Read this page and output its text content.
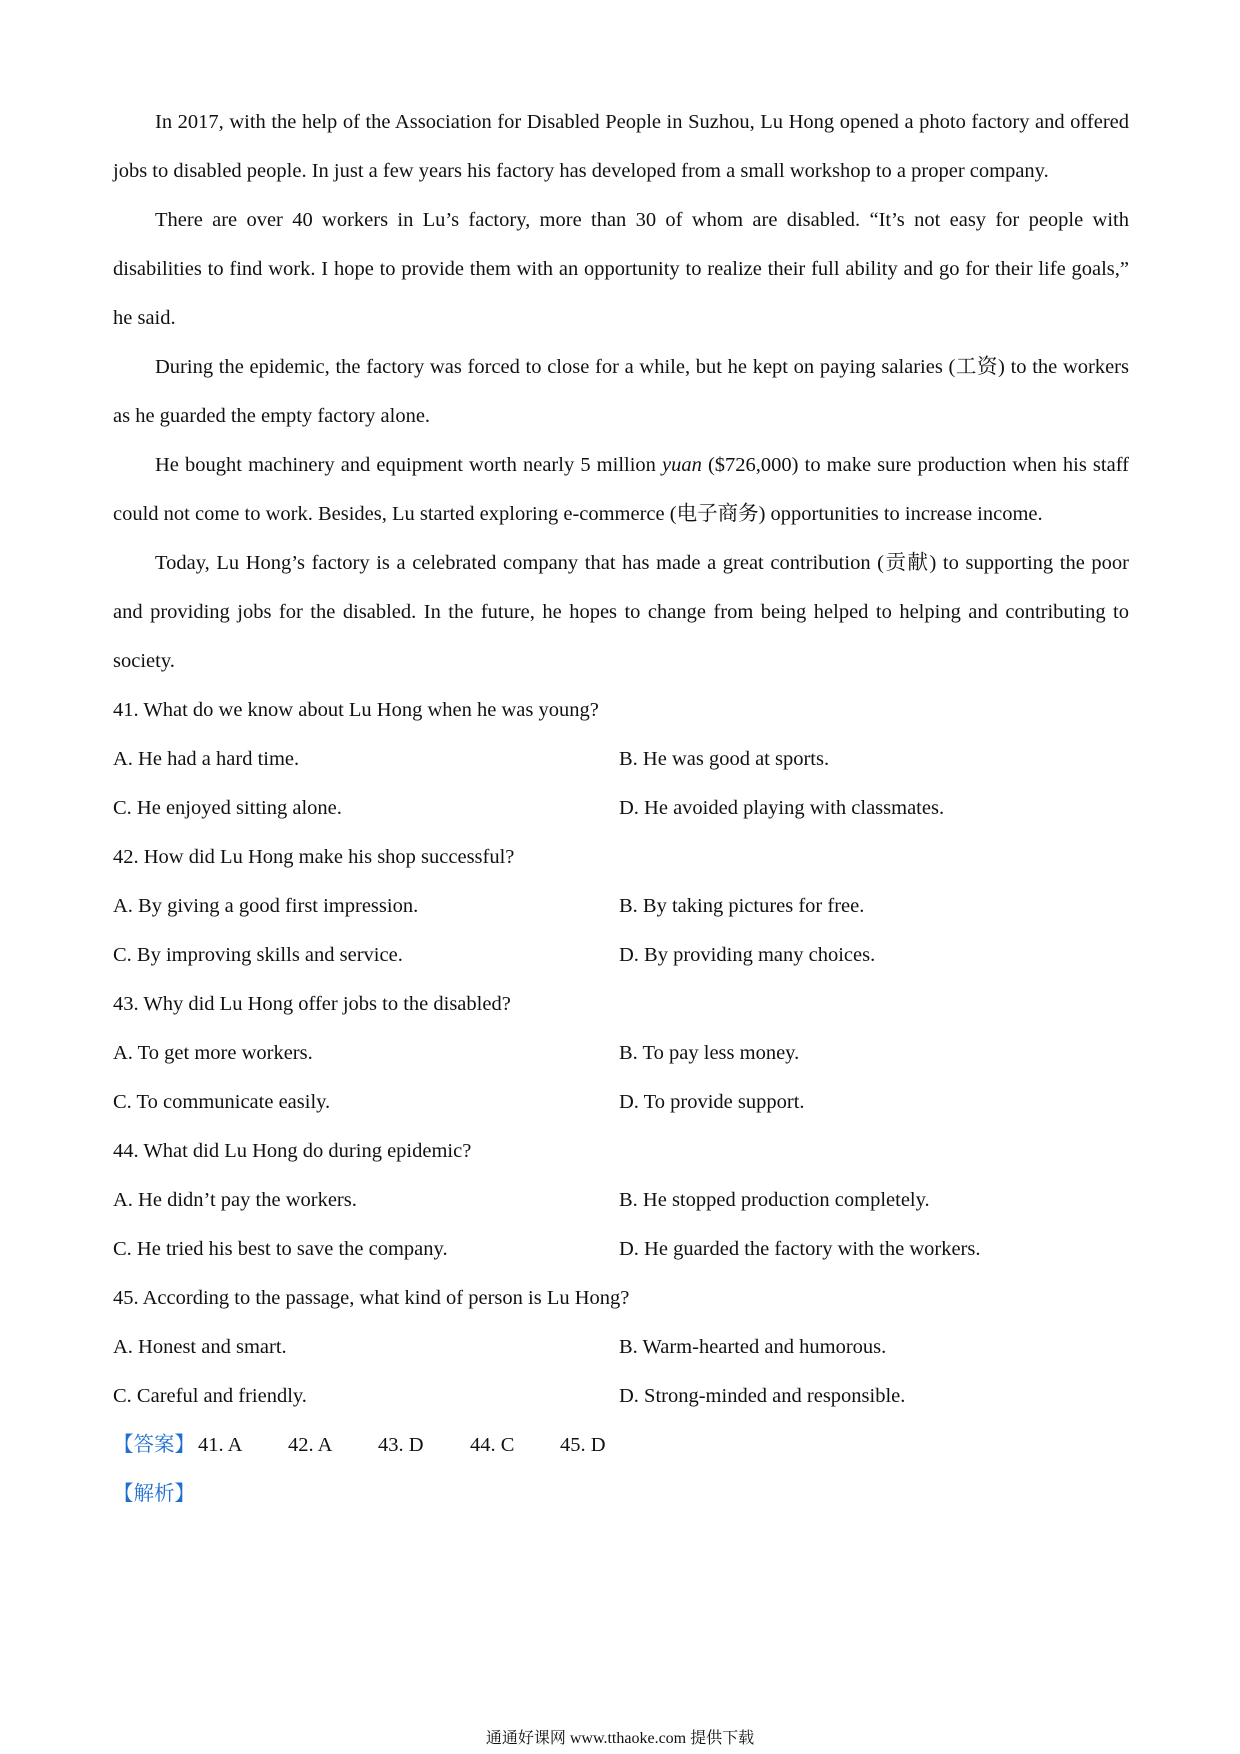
In 2017, with the help of the Association for Disabled People in Suzhou, Lu Hong opened a photo factory and offered jobs to disabled people. In just a few years his factory has developed from a small workshop to a proper company.

There are over 40 workers in Lu’s factory, more than 30 of whom are disabled. “It’s not easy for people with disabilities to find work. I hope to provide them with an opportunity to realize their full ability and go for their life goals,” he said.

During the epidemic, the factory was forced to close for a while, but he kept on paying salaries (工资) to the workers as he guarded the empty factory alone.

He bought machinery and equipment worth nearly 5 million yuan ($726,000) to make sure production when his staff could not come to work. Besides, Lu started exploring e-commerce (电子商务) opportunities to increase income.

Today, Lu Hong’s factory is a celebrated company that has made a great contribution (贡献) to supporting the poor and providing jobs for the disabled. In the future, he hopes to change from being helped to helping and contributing to society.

41. What do we know about Lu Hong when he was young?

A. He had a hard time.	B. He was good at sports.
C. He enjoyed sitting alone.	D. He avoided playing with classmates.

42. How did Lu Hong make his shop successful?

A. By giving a good first impression.	B. By taking pictures for free.
C. By improving skills and service.	D. By providing many choices.

43. Why did Lu Hong offer jobs to the disabled?

A. To get more workers.	B. To pay less money.
C. To communicate easily.	D. To provide support.

44. What did Lu Hong do during epidemic?

A. He didn’t pay the workers.	B. He stopped production completely.
C. He tried his best to save the company.	D. He guarded the factory with the workers.

45. According to the passage, what kind of person is Lu Hong?

A. Honest and smart.	B. Warm-hearted and humorous.
C. Careful and friendly.	D. Strong-minded and responsible.
【答案】 41. A 42. A 43. D 44. C 45. D
【解析】
通通好课网 www.tthaoke.com 提供下载
